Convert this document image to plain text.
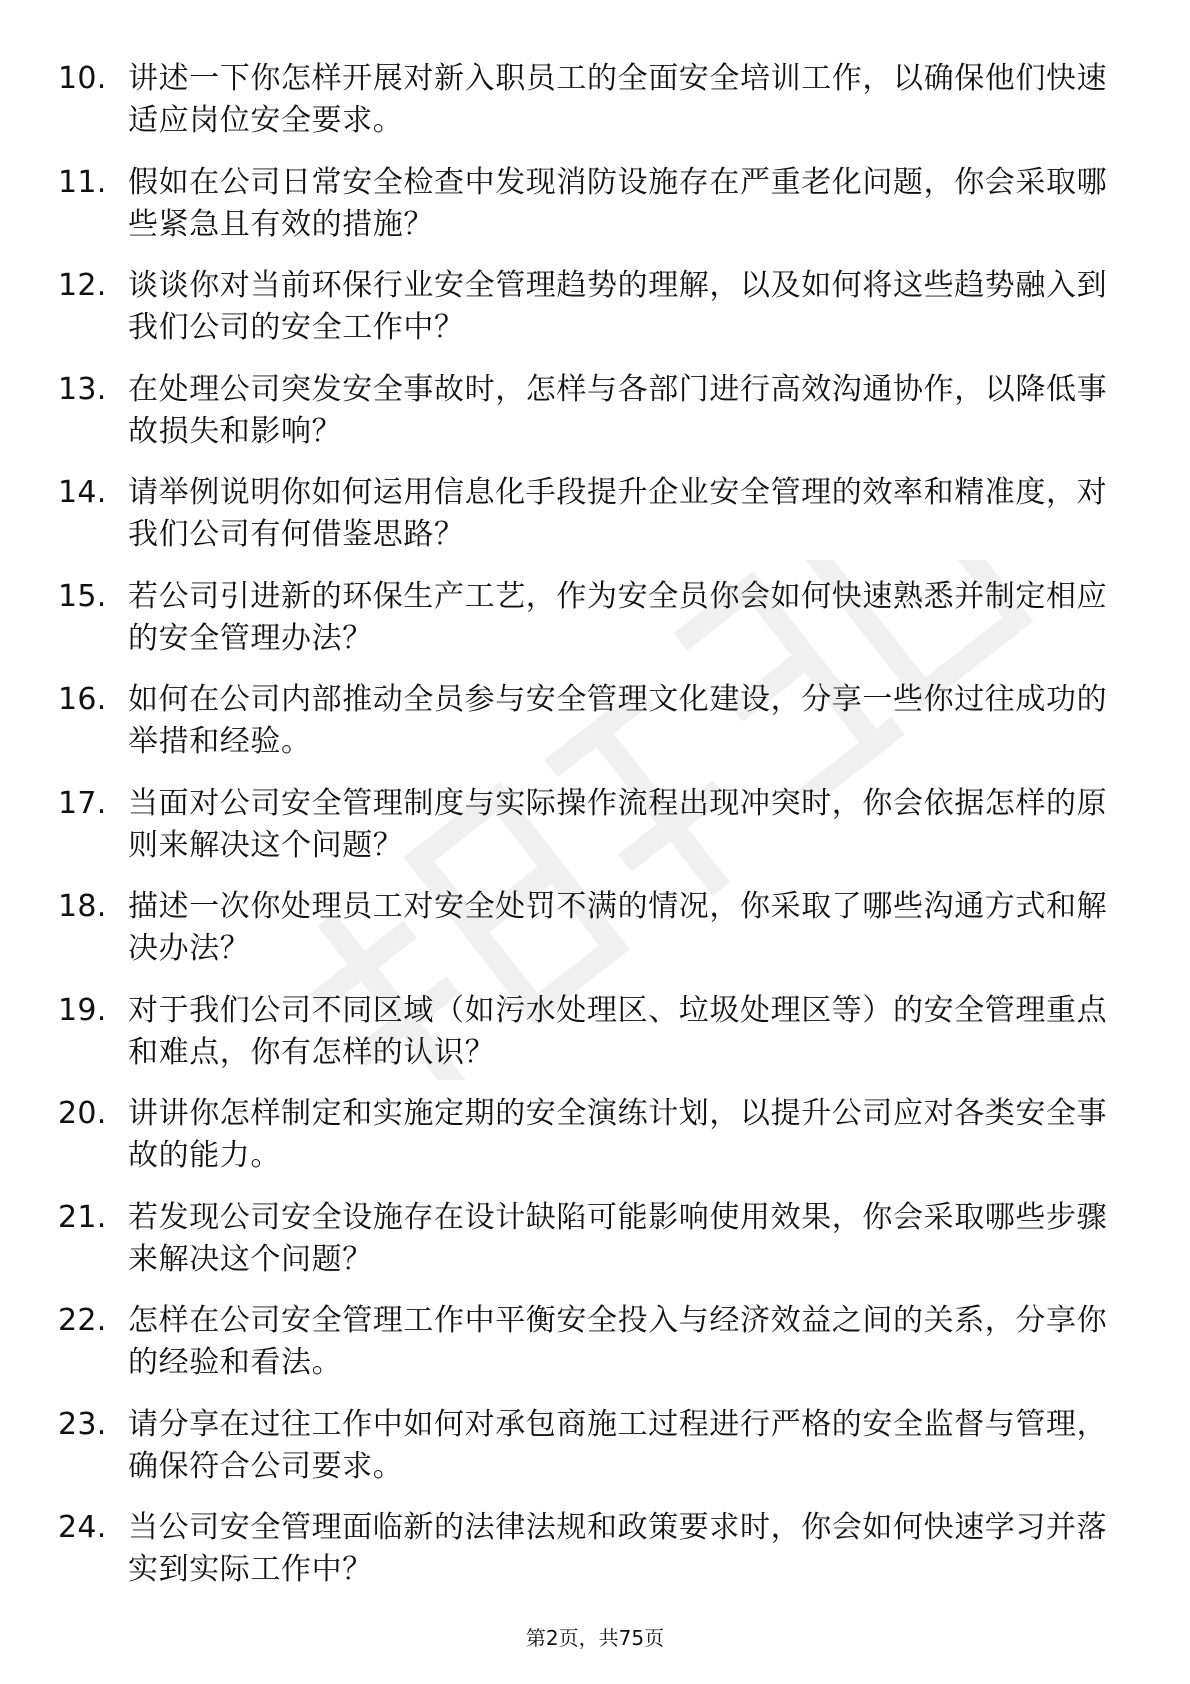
10. 讲述一下你怎样开展对新入职员工的全面安全培训工作，以确保他们快速适应岗位安全要求。
11. 假如在公司日常安全检查中发现消防设施存在严重老化问题，你会采取哪些紧急且有效的措施？
12. 谈谈你对当前环保行业安全管理趋势的理解，以及如何将这些趋势融入到我们公司的安全工作中？
13. 在处理公司突发安全事故时，怎样与各部门进行高效沟通协作，以降低事故损失和影响？
14. 请举例说明你如何运用信息化手段提升企业安全管理的效率和精准度，对我们公司有何借鉴思路？
15. 若公司引进新的环保生产工艺，作为安全员你会如何快速熟悉并制定相应的安全管理办法？
16. 如何在公司内部推动全员参与安全管理文化建设，分享一些你过往成功的举措和经验。
17. 当面对公司安全管理制度与实际操作流程出现冲突时，你会依据怎样的原则来解决这个问题？
18. 描述一次你处理员工对安全处罚不满的情况，你采取了哪些沟通方式和解决办法？
19. 对于我们公司不同区域（如污水处理区、垃圾处理区等）的安全管理重点和难点，你有怎样的认识？
20. 讲讲你怎样制定和实施定期的安全演练计划，以提升公司应对各类安全事故的能力。
21. 若发现公司安全设施存在设计缺陷可能影响使用效果，你会采取哪些步骤来解决这个问题？
22. 怎样在公司安全管理工作中平衡安全投入与经济效益之间的关系，分享你的经验和看法。
23. 请分享在过往工作中如何对承包商施工过程进行严格的安全监督与管理，确保符合公司要求。
24. 当公司安全管理面临新的法律法规和政策要求时，你会如何快速学习并落实到实际工作中？
第2页，共75页
